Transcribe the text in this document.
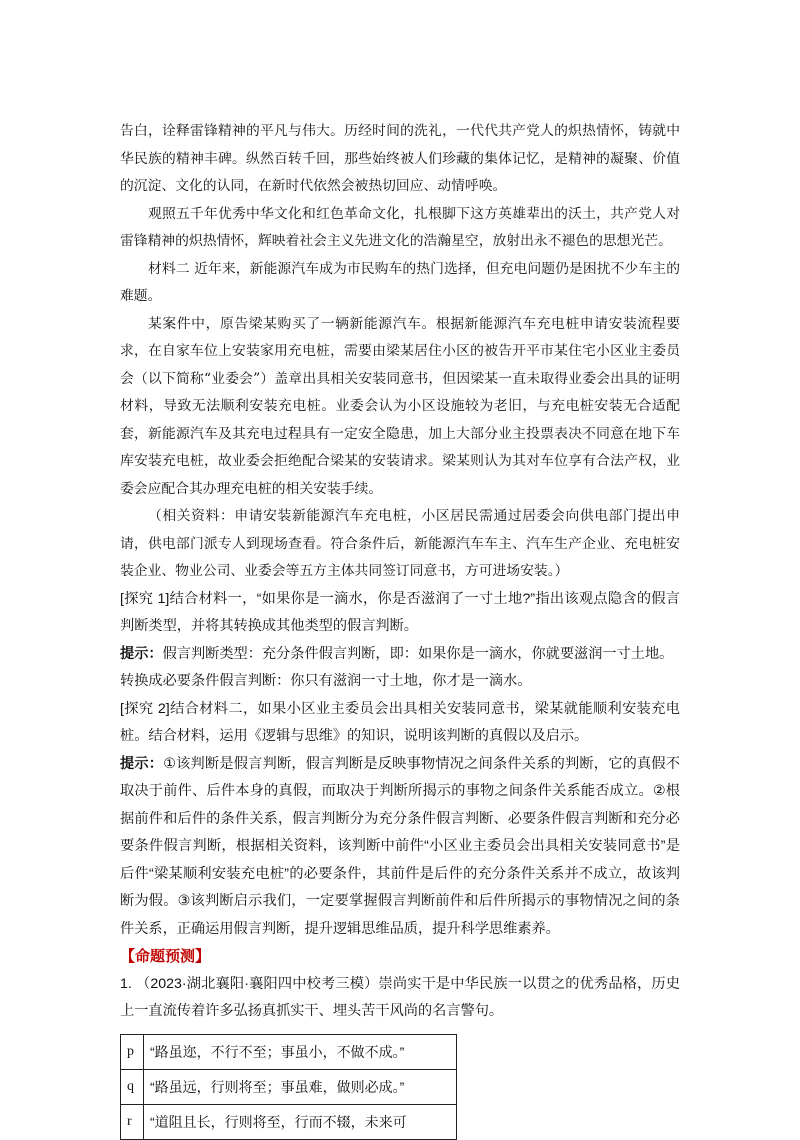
告白，诠释雷锋精神的平凡与伟大。历经时间的洗礼，一代代共产党人的炽热情怀，铸就中华民族的精神丰碑。纵然百转千回，那些始终被人们珍藏的集体记忆，是精神的凝聚、价值的沉淀、文化的认同，在新时代依然会被热切回应、动情呼唤。

观照五千年优秀中华文化和红色革命文化，扎根脚下这方英雄辈出的沃土，共产党人对雷锋精神的炽热情怀，辉映着社会主义先进文化的浩瀚星空，放射出永不褪色的思想光芒。

材料二 近年来，新能源汽车成为市民购车的热门选择，但充电问题仍是困扰不少车主的难题。

某案件中，原告梁某购买了一辆新能源汽车。根据新能源汽车充电桩申请安装流程要求，在自家车位上安装家用充电桩，需要由梁某居住小区的被告开平市某住宅小区业主委员会（以下简称“业委会”）盖章出具相关安装同意书，但因梁某一直未取得业委会出具的证明材料，导致无法顺利安装充电桩。业委会认为小区设施较为老旧，与充电桩安装无合适配套，新能源汽车及其充电过程具有一定安全隐患，加上大部分业主投票表决不同意在地下车库安装充电桩，故业委会拒绝配合梁某的安装请求。梁某则认为其对车位享有合法产权，业委会应配合其办理充电桩的相关安装手续。

（相关资料：申请安装新能源汽车充电桩，小区居民需通过居委会向供电部门提出申请，供电部门派专人到现场查看。符合条件后，新能源汽车车主、汽车生产企业、充电桩安装企业、物业公司、业委会等五方主体共同签订同意书，方可进场安装。）

[探究 1]结合材料一，“如果你是一滴水，你是否滋润了一寸土地?”指出该观点隐含的假言判断类型，并将其转换成其他类型的假言判断。

提示：假言判断类型：充分条件假言判断，即：如果你是一滴水，你就要滋润一寸土地。
转换成必要条件假言判断：你只有滋润一寸土地，你才是一滴水。

[探究 2]结合材料二，如果小区业主委员会出具相关安装同意书，梁某就能顺利安装充电桩。结合材料，运用《逻辑与思维》的知识，说明该判断的真假以及启示。

提示：①该判断是假言判断，假言判断是反映事物情况之间条件关系的判断，它的真假不取决于前件、后件本身的真假，而取决于判断所揭示的事物之间条件关系能否成立。②根据前件和后件的条件关系，假言判断分为充分条件假言判断、必要条件假言判断和充分必要条件假言判断，根据相关资料，该判断中前件“小区业主委员会出具相关安装同意书”是后件“梁某顺利安装充电桩”的必要条件，其前件是后件的充分条件关系并不成立，故该判断为假。③该判断启示我们，一定要掌握假言判断前件和后件所揭示的事物情况之间的条件关系，正确运用假言判断，提升逻辑思维品质，提升科学思维素养。

【命题预测】

1. （2023·湖北襄阳·襄阳四中校考三模）崇尚实干是中华民族一以贯之的优秀品格，历史上一直流传着许多弘扬真抓实干、埋头苦干风尚的名言警句。

p	“路虽迩，不行不至；事虽小，不做不成。”
q	“路虽远，行则将至；事虽难，做则必成。”
r	“道阻且长，行则将至，行而不辍，未来可
